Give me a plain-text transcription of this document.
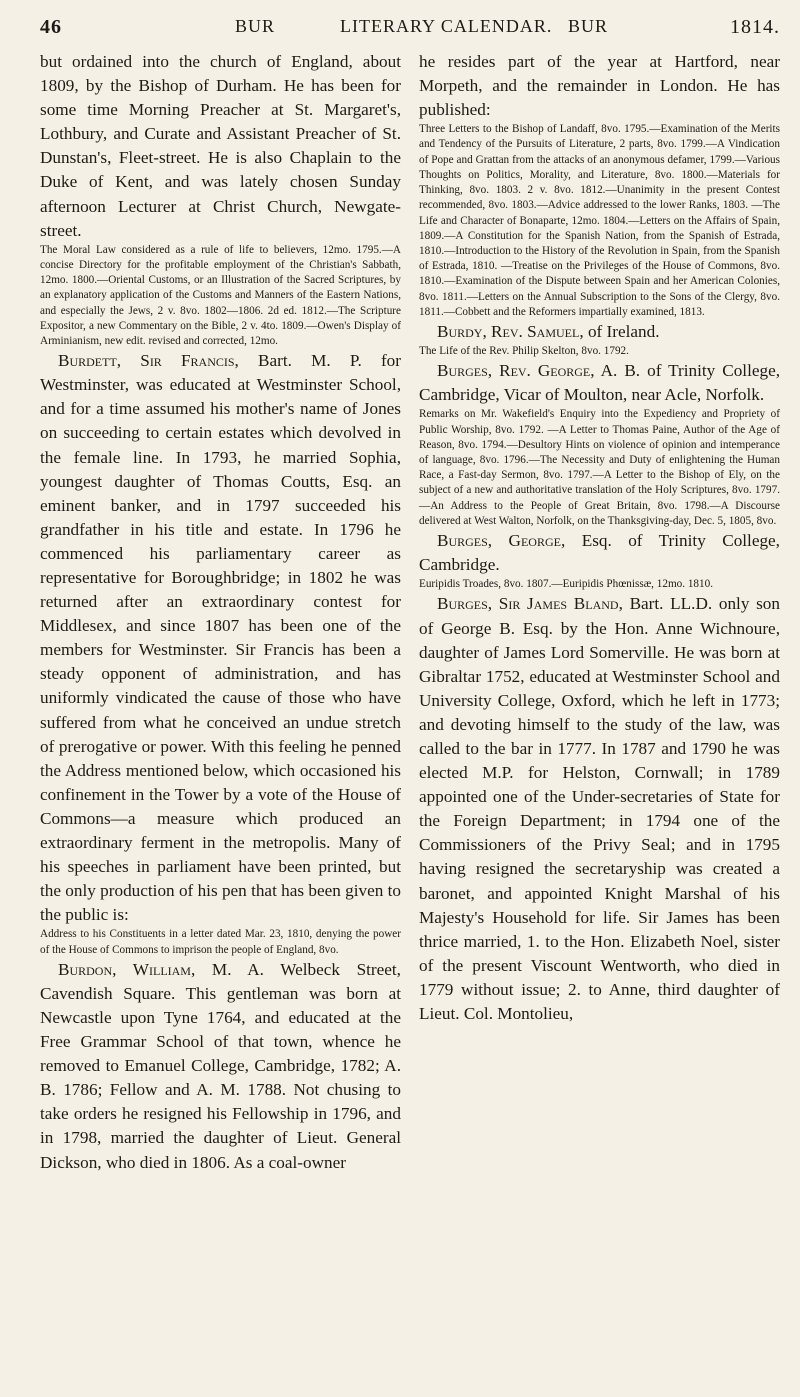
46	BUR	LITERARY CALENDAR. BUR	1814.

but ordained into the church of England, about 1809, by the Bishop of Durham. He has been for some time Morning Preacher at St. Margaret's, Lothbury, and Curate and Assistant Preacher of St. Dunstan's, Fleet-street. He is also Chaplain to the Duke of Kent, and was lately chosen Sunday afternoon Lecturer at Christ Church, Newgate-street.

The Moral Law considered as a rule of life to believers, 12mo. 1795.—A concise Directory for the profitable employment of the Christian's Sabbath, 12mo. 1800.—Oriental Customs, or an Illustration of the Sacred Scriptures, by an explanatory application of the Customs and Manners of the Eastern Nations, and especially the Jews, 2 v. 8vo. 1802—1806. 2d ed. 1812.—The Scripture Expositor, a new Commentary on the Bible, 2 v. 4to. 1809.—Owen's Display of Arminianism, new edit. revised and corrected, 12mo.

Burdett, Sir Francis, Bart. M. P. for Westminster, was educated at Westminster School, and for a time assumed his mother's name of Jones on succeeding to certain estates which devolved in the female line. In 1793, he married Sophia, youngest daughter of Thomas Coutts, Esq. an eminent banker, and in 1797 succeeded his grandfather in his title and estate. In 1796 he commenced his parliamentary career as representative for Boroughbridge; in 1802 he was returned after an extraordinary contest for Middlesex, and since 1807 has been one of the members for Westminster. Sir Francis has been a steady opponent of administration, and has uniformly vindicated the cause of those who have suffered from what he conceived an undue stretch of prerogative or power. With this feeling he penned the Address mentioned below, which occasioned his confinement in the Tower by a vote of the House of Commons—a measure which produced an extraordinary ferment in the metropolis. Many of his speeches in parliament have been printed, but the only production of his pen that has been given to the public is:

Address to his Constituents in a letter dated Mar. 23, 1810, denying the power of the House of Commons to imprison the people of England, 8vo.

Burdon, William, M. A. Welbeck Street, Cavendish Square. This gentleman was born at Newcastle upon Tyne 1764, and educated at the Free Grammar School of that town, whence he removed to Emanuel College, Cambridge, 1782; A. B. 1786; Fellow and A. M. 1788. Not chusing to take orders he resigned his Fellowship in 1796, and in 1798, married the daughter of Lieut. General Dickson, who died in 1806. As a coal-owner

he resides part of the year at Hartford, near Morpeth, and the remainder in London. He has published:

Three Letters to the Bishop of Landaff, 8vo. 1795.—Examination of the Merits and Tendency of the Pursuits of Literature, 2 parts, 8vo. 1799.—A Vindication of Pope and Grattan from the attacks of an anonymous defamer, 1799.—Various Thoughts on Politics, Morality, and Literature, 8vo. 1800.—Materials for Thinking, 8vo. 1803. 2 v. 8vo. 1812.—Unanimity in the present Contest recommended, 8vo. 1803.—Advice addressed to the lower Ranks, 1803. —The Life and Character of Bonaparte, 12mo. 1804.—Letters on the Affairs of Spain, 1809.—A Constitution for the Spanish Nation, from the Spanish of Estrada, 1810.—Introduction to the History of the Revolution in Spain, from the Spanish of Estrada, 1810. —Treatise on the Privileges of the House of Commons, 8vo. 1810.—Examination of the Dispute between Spain and her American Colonies, 8vo. 1811.—Letters on the Annual Subscription to the Sons of the Clergy, 8vo. 1811.—Cobbett and the Reformers impartially examined, 1813.

Burdy, Rev. Samuel, of Ireland.

The Life of the Rev. Philip Skelton, 8vo. 1792.

Burges, Rev. George, A. B. of Trinity College, Cambridge, Vicar of Moulton, near Acle, Norfolk.

Remarks on Mr. Wakefield's Enquiry into the Expediency and Propriety of Public Worship, 8vo. 1792. —A Letter to Thomas Paine, Author of the Age of Reason, 8vo. 1794.—Desultory Hints on violence of opinion and intemperance of language, 8vo. 1796.—The Necessity and Duty of enlightening the Human Race, a Fast-day Sermon, 8vo. 1797.—A Letter to the Bishop of Ely, on the subject of a new and authoritative translation of the Holy Scriptures, 8vo. 1797.—An Address to the People of Great Britain, 8vo. 1798.—A Discourse delivered at West Walton, Norfolk, on the Thanksgiving-day, Dec. 5, 1805, 8vo.

Burges, George, Esq. of Trinity College, Cambridge.

Euripidis Troades, 8vo. 1807.—Euripidis Phœnissæ, 12mo. 1810.

Burges, Sir James Bland, Bart. LL.D. only son of George B. Esq. by the Hon. Anne Wichnoure, daughter of James Lord Somerville. He was born at Gibraltar 1752, educated at Westminster School and University College, Oxford, which he left in 1773; and devoting himself to the study of the law, was called to the bar in 1777. In 1787 and 1790 he was elected M.P. for Helston, Cornwall; in 1789 appointed one of the Under-secretaries of State for the Foreign Department; in 1794 one of the Commissioners of the Privy Seal; and in 1795 having resigned the secretaryship was created a baronet, and appointed Knight Marshal of his Majesty's Household for life. Sir James has been thrice married, 1. to the Hon. Elizabeth Noel, sister of the present Viscount Wentworth, who died in 1779 without issue; 2. to Anne, third daughter of Lieut. Col. Montolieu,
